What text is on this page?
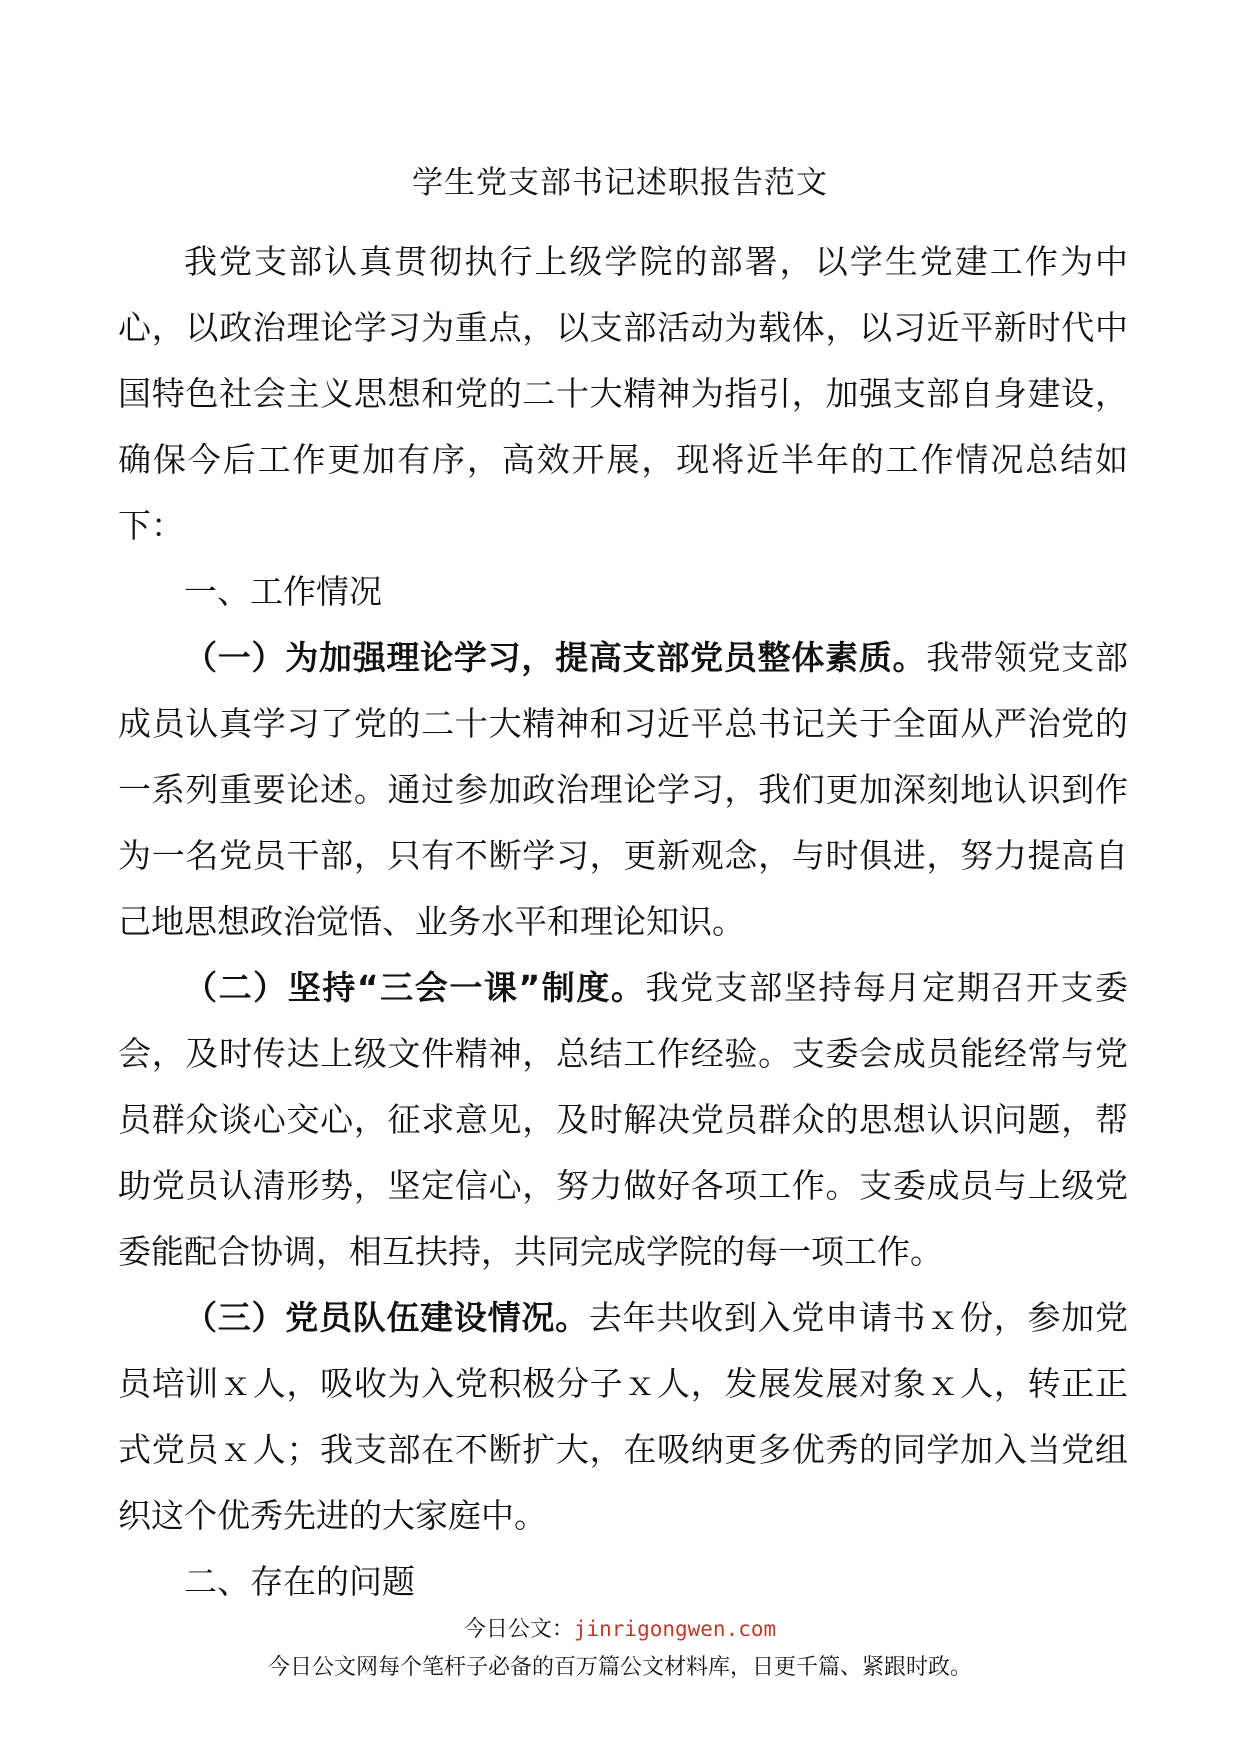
学生党支部书记述职报告范文

我党支部认真贯彻执行上级学院的部署，以学生党建工作为中心，以政治理论学习为重点，以支部活动为载体，以习近平新时代中国特色社会主义思想和党的二十大精神为指引，加强支部自身建设，确保今后工作更加有序，高效开展，现将近半年的工作情况总结如下：

一、工作情况

（一）为加强理论学习，提高支部党员整体素质。我带领党支部成员认真学习了党的二十大精神和习近平总书记关于全面从严治党的一系列重要论述。通过参加政治理论学习，我们更加深刻地认识到作为一名党员干部，只有不断学习，更新观念，与时俱进，努力提高自己地思想政治觉悟、业务水平和理论知识。

（二）坚持“三会一课”制度。我党支部坚持每月定期召开支委会，及时传达上级文件精神，总结工作经验。支委会成员能经常与党员群众谈心交心，征求意见，及时解决党员群众的思想认识问题，帮助党员认清形势，坚定信心，努力做好各项工作。支委成员与上级党委能配合协调，相互扶持，共同完成学院的每一项工作。

（三）党员队伍建设情况。去年共收到入党申请书ｘ份，参加党员培训ｘ人，吸收为入党积极分子ｘ人，发展发展对象ｘ人，转正正式党员ｘ人；我支部在不断扩大，在吸纳更多优秀的同学加入当党组织这个优秀先进的大家庭中。

二、存在的问题

今日公文：jinrigongwen.com
今日公文网每个笔杆子必备的百万篇公文材料库，日更千篇、紧跟时政。
